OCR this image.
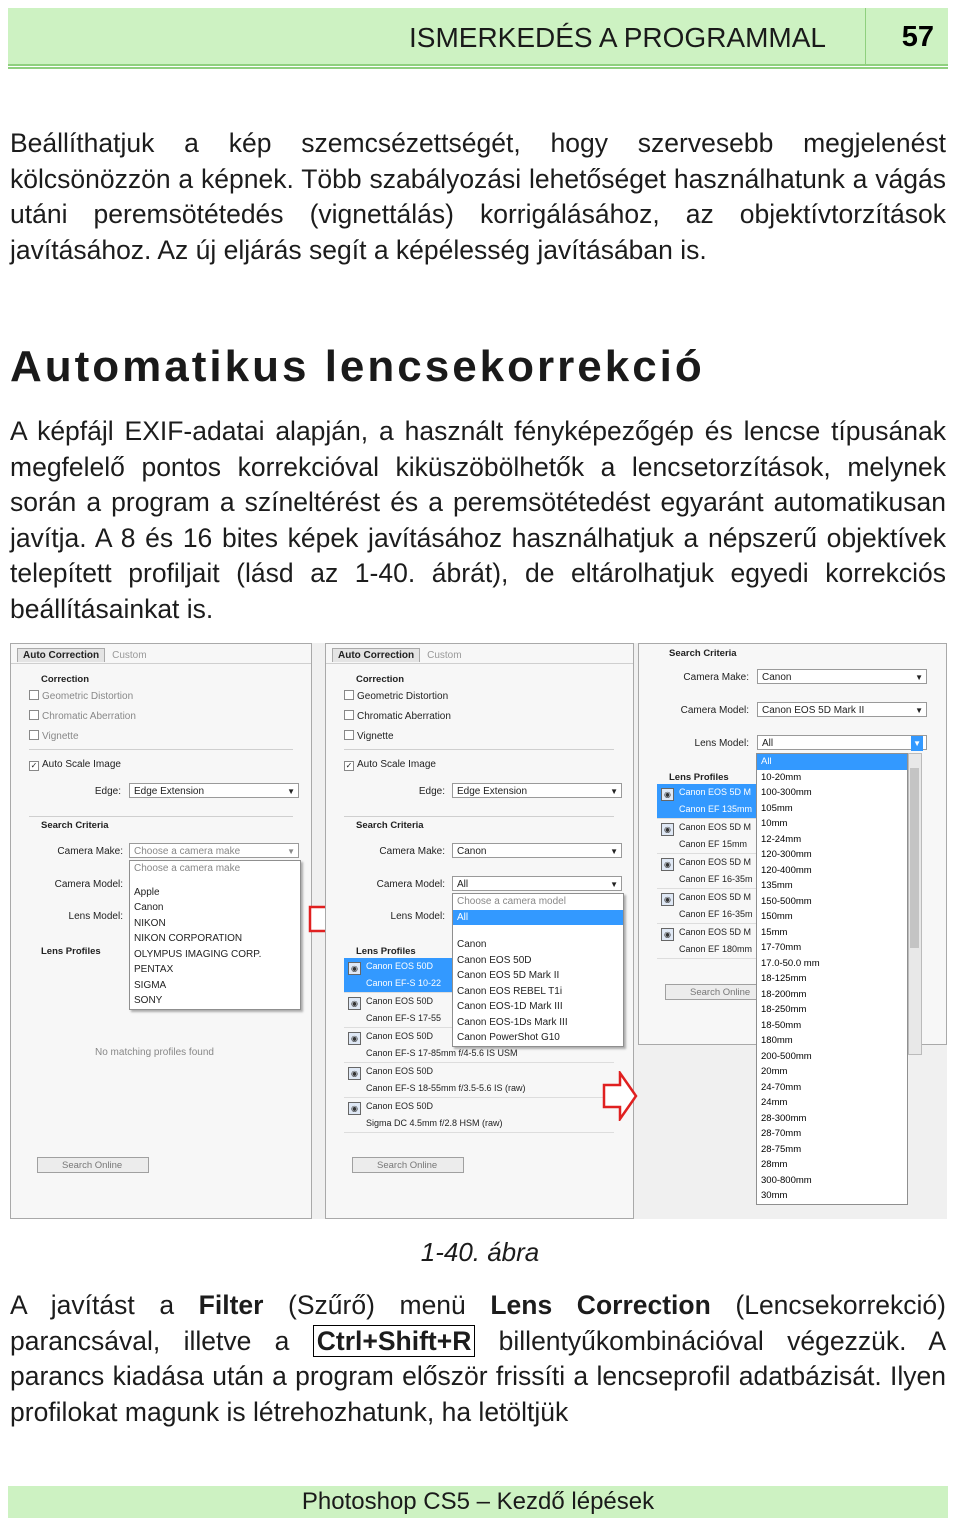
ISMERKEDÉS A PROGRAMMAL	57

Beállíthatjuk a kép szemcsézettségét, hogy szervesebb megjelenést kölcsönözzön a képnek. Több szabályozási lehetőséget használhatunk a vágás utáni peremsötétedés (vignettálás) korrigálásához, az objektívtorzítások javításához. Az új eljárás segít a képélesség javításában is.

Automatikus lencsekorrekció

A képfájl EXIF-adatai alapján, a használt fényképezőgép és lencse típusának megfelelő pontos korrekcióval kiküszöbölhetők a lencsetorzítások, melynek során a program a színeltérést és a peremsötétedést egyaránt automatikusan javítja. A 8 és 16 bites képek javításához használhatjuk a népszerű objektívek telepített profiljait (lásd az 1-40. ábrát), de eltárolhatjuk egyedi korrekciós beállításainkat is.

Auto Correction Custom
Correction
Geometric Distortion
Chromatic Aberration
Vignette
✓ Auto Scale Image
Edge:	Edge Extension	▼
Search Criteria
Camera Make:	Choose a camera make	▼
Camera Model:
Lens Model:
Lens Profiles
Choose a camera make
Apple
Canon
NIKON
NIKON CORPORATION
OLYMPUS IMAGING CORP.
PENTAX
SIGMA
SONY
No matching profiles found
Search Online
Auto Correction Custom
Correction
Geometric Distortion
Chromatic Aberration
Vignette
✓ Auto Scale Image
Edge:	Edge Extension	▼
Search Criteria
Camera Make:	Canon	▼
Camera Model:	All	▼
Lens Model:
Lens Profiles
◉ Canon EOS 50D
Canon EF-S 10-22
◉ Canon EOS 50D
Canon EF-S 17-55
◉ Canon EOS 50D
Canon EF-S 17-85mm f/4-5.6 IS USM
◉ Canon EOS 50D
Canon EF-S 18-55mm f/3.5-5.6 IS (raw)
◉ Canon EOS 50D
Sigma DC 4.5mm f/2.8 HSM (raw)
Choose a camera model
All
Canon
Canon EOS 50D
Canon EOS 5D Mark II
Canon EOS REBEL T1i
Canon EOS-1D Mark III
Canon EOS-1Ds Mark III
Canon PowerShot G10
Search Online
Search Criteria
Camera Make:	Canon	▼
Camera Model:	Canon EOS 5D Mark II	▼
Lens Model:	All	▼
Lens Profiles
◉ Canon EOS 5D M
Canon EF 135mm
◉ Canon EOS 5D M
Canon EF 15mm
◉ Canon EOS 5D M
Canon EF 16-35m
◉ Canon EOS 5D M
Canon EF 16-35m
◉ Canon EOS 5D M
Canon EF 180mm
Search Online
All
10-20mm
100-300mm
105mm
10mm
12-24mm
120-300mm
120-400mm
135mm
150-500mm
150mm
15mm
17-70mm
17.0-50.0 mm
18-125mm
18-200mm
18-250mm
18-50mm
180mm
200-500mm
20mm
24-70mm
24mm
28-300mm
28-70mm
28-75mm
28mm
300-800mm
30mm
1-40. ábra

A javítást a Filter (Szűrő) menü Lens Correction (Lencsekorrekció) parancsával, illetve a Ctrl+Shift+R billentyűkombinációval végezzük. A parancs kiadása után a program először frissíti a lencseprofil adatbázisát. Ilyen profilokat magunk is létrehozhatunk, ha letöltjük

Photoshop CS5 – Kezdő lépések
